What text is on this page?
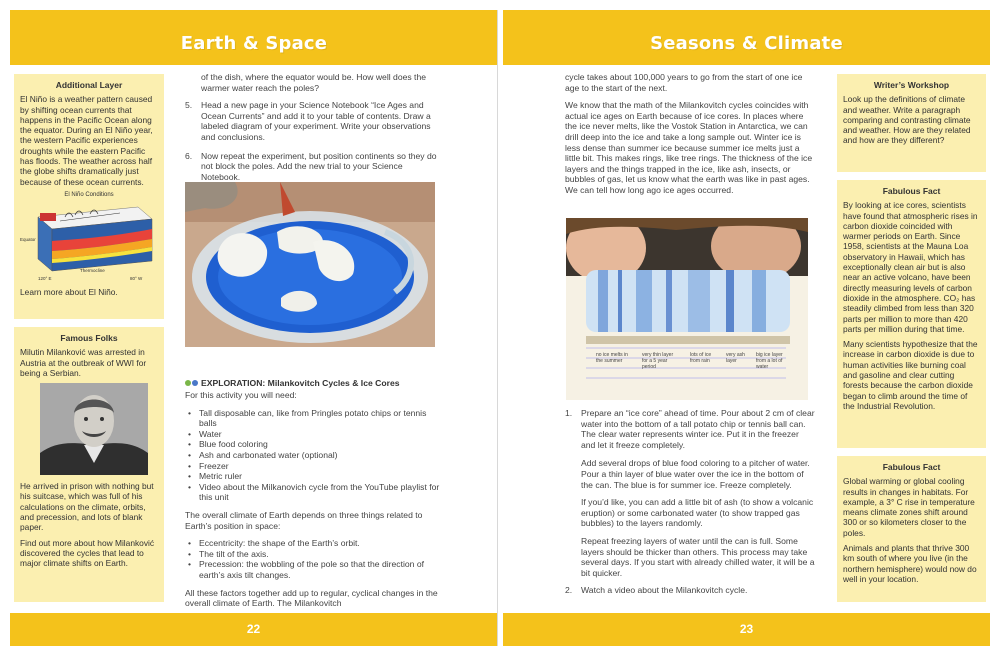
Earth & Space
Additional Layer

El Niño is a weather pattern caused by shifting ocean currents that happens in the Pacific Ocean along the equator. During an El Niño year, the western Pacific experiences droughts while the eastern Pacific has floods. The weather across half the globe shifts dramatically just because of these ocean currents.

El Niño Conditions
Equator
Thermocline
120° E	80° W

Learn more about El Niño.

Famous Folks

Milutin Milanković was arrested in Austria at the outbreak of WWI for being a Serbian.

He arrived in prison with nothing but his suitcase, which was full of his calculations on the climate, orbits, and precession, and lots of blank paper.

Find out more about how Milanković discovered the cycles that lead to major climate shifts on Earth.

of the dish, where the equator would be. How well does the warmer water reach the poles?

5. Head a new page in your Science Notebook “Ice Ages and Ocean Currents” and add it to your table of contents. Draw a labeled diagram of your experiment. Write your observations and conclusions.
6. Now repeat the experiment, but position continents so they do not block the poles. Add the new trial to your Science Notebook.
EXPLORATION: Milankovitch Cycles & Ice Cores

For this activity you will need:

• Tall disposable can, like from Pringles potato chips or tennis balls
• Water
• Blue food coloring
• Ash and carbonated water (optional)
• Freezer
• Metric ruler
• Video about the Milkanovich cycle from the YouTube playlist for this unit

The overall climate of Earth depends on three things related to Earth’s position in space:

• Eccentricity: the shape of the Earth’s orbit.
• The tilt of the axis.
• Precession: the wobbling of the pole so that the direction of earth’s axis tilt changes.

All these factors together add up to regular, cyclical changes in the overall climate of Earth. The Milankovitch

22
Seasons & Climate

cycle takes about 100,000 years to go from the start of one ice age to the start of the next.

We know that the math of the Milankovitch cycles coincides with actual ice ages on Earth because of ice cores. In places where the ice never melts, like the Vostok Station in Antarctica, we can drill deep into the ice and take a long sample out. Winter ice is less dense than summer ice because summer ice melts just a little bit. This makes rings, like tree rings. The thickness of the ice layers and the things trapped in the ice, like ash, insects, or bubbles of gas, let us know what the earth was like in past ages. We can tell how long ago ice ages occurred.

no ice melts in the summer
very thin layer for a 5 year period
lots of ice from rain
very ash layer
big ice layer from a lot of water
1. Prepare an “ice core” ahead of time. Pour about 2 cm of clear water into the bottom of a tall potato chip or tennis ball can. The clear water represents winter ice. Put it in the freezer and let it freeze completely.

Add several drops of blue food coloring to a pitcher of water. Pour a thin layer of blue water over the ice in the bottom of the can. The blue is for summer ice. Freeze completely.

If you’d like, you can add a little bit of ash (to show a volcanic eruption) or some carbonated water (to show trapped gas bubbles) to the layers randomly.

Repeat freezing layers of water until the can is full. Some layers should be thicker than others. This process may take several days. If you start with already chilled water, it will be a bit quicker.

2. Watch a video about the Milankovitch cycle.
Writer’s Workshop

Look up the definitions of climate and weather. Write a paragraph comparing and contrasting climate and weather. How are they related and how are they different?

Fabulous Fact

By looking at ice cores, scientists have found that atmospheric rises in carbon dioxide coincided with warmer periods on Earth. Since 1958, scientists at the Mauna Loa observatory in Hawaii, which has exceptionally clean air but is also near an active volcano, have been directly measuring levels of carbon dioxide in the atmosphere. CO₂ has steadily climbed from less than 320 parts per million to more than 420 parts per million during that time.

Many scientists hypothesize that the increase in carbon dioxide is due to human activities like burning coal and gasoline and clear cutting forests because the carbon dioxide began to climb around the time of the Industrial Revolution.

Fabulous Fact

Global warming or global cooling results in changes in habitats. For example, a 3° C rise in temperature means climate zones shift around 300 or so kilometers closer to the poles.

Animals and plants that thrive 300 km south of where you live (in the northern hemisphere) would now do well in your location.

23
